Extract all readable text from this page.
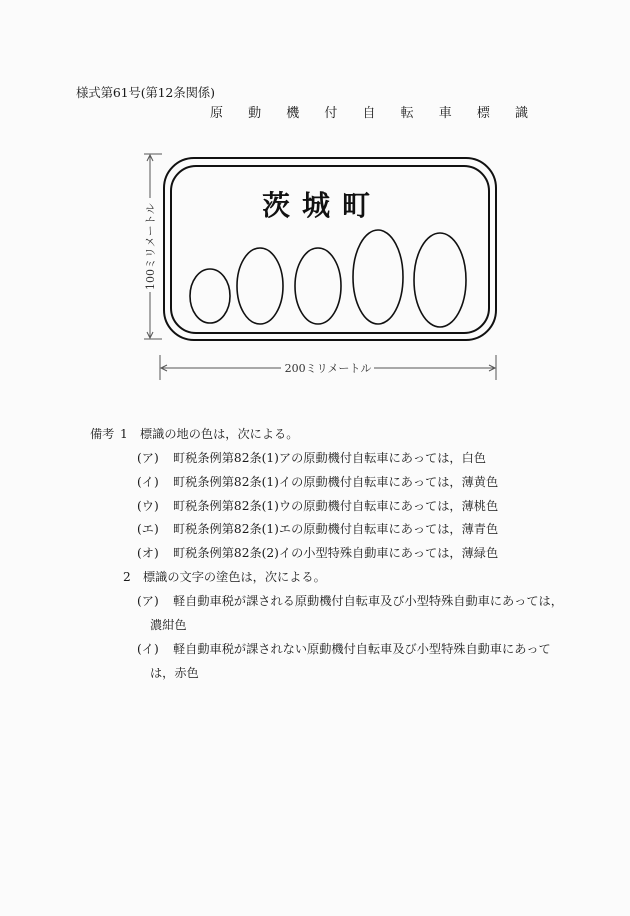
様式第61号(第12条関係)
原 動 機 付 自 転 車 標 識
100ミリメートル	茨城町
200ミリメートル
備考 1 標識の地の色は，次による。
(ア) 町税条例第82条(1)アの原動機付自転車にあっては，白色
(イ) 町税条例第82条(1)イの原動機付自転車にあっては，薄黄色
(ウ) 町税条例第82条(1)ウの原動機付自転車にあっては，薄桃色
(エ) 町税条例第82条(1)エの原動機付自転車にあっては，薄青色
(オ) 町税条例第82条(2)イの小型特殊自動車にあっては，薄緑色
2 標識の文字の塗色は，次による。
(ア) 軽自動車税が課される原動機付自転車及び小型特殊自動車にあっては，
濃紺色
(イ) 軽自動車税が課されない原動機付自転車及び小型特殊自動車にあって
は，赤色
